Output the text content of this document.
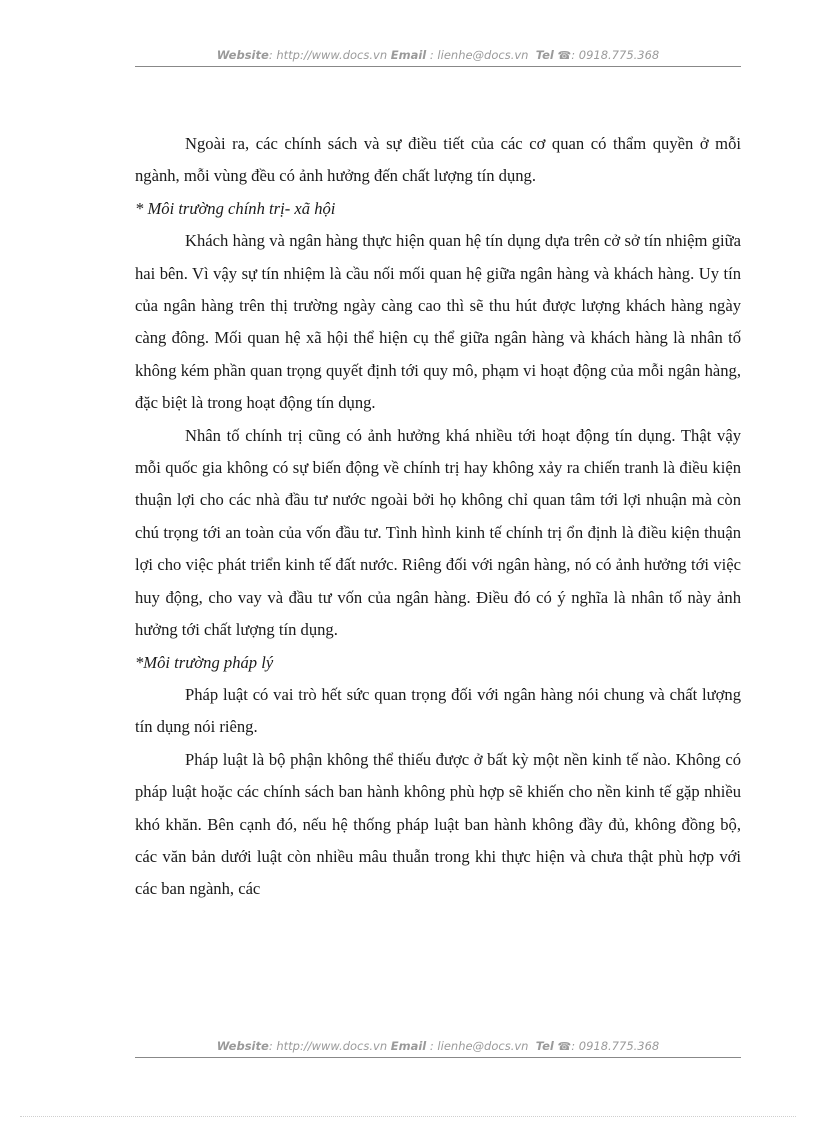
Website: http://www.docs.vn Email : lienhe@docs.vn Tel ☎: 0918.775.368

Ngoài ra, các chính sách và sự điều tiết của các cơ quan có thẩm quyền ở mỗi ngành, mỗi vùng đều có ảnh hưởng đến chất lượng tín dụng.

* Môi trường chính trị- xã hội

Khách hàng và ngân hàng thực hiện quan hệ tín dụng dựa trên cở sở tín nhiệm giữa hai bên. Vì vậy sự tín nhiệm là cầu nối mối quan hệ giữa ngân hàng và khách hàng. Uy tín của ngân hàng trên thị trường ngày càng cao thì sẽ thu hút được lượng khách hàng ngày càng đông. Mối quan hệ xã hội thể hiện cụ thể giữa ngân hàng và khách hàng là nhân tố không kém phần quan trọng quyết định tới quy mô, phạm vi hoạt động của mỗi ngân hàng, đặc biệt là trong hoạt động tín dụng.

Nhân tố chính trị cũng có ảnh hưởng khá nhiều tới hoạt động tín dụng. Thật vậy mỗi quốc gia không có sự biến động về chính trị hay không xảy ra chiến tranh là điều kiện thuận lợi cho các nhà đầu tư nước ngoài bởi họ không chỉ quan tâm tới lợi nhuận mà còn chú trọng tới an toàn của vốn đầu tư. Tình hình kinh tế chính trị ổn định là điều kiện thuận lợi cho việc phát triển kinh tế đất nước. Riêng đối với ngân hàng, nó có ảnh hưởng tới việc huy động, cho vay và đầu tư vốn của ngân hàng. Điều đó có ý nghĩa là nhân tố này ảnh hưởng tới chất lượng tín dụng.

*Môi trường pháp lý

Pháp luật có vai trò hết sức quan trọng đối với ngân hàng nói chung và chất lượng tín dụng nói riêng.

Pháp luật là bộ phận không thể thiếu được ở bất kỳ một nền kinh tế nào. Không có pháp luật hoặc các chính sách ban hành không phù hợp sẽ khiến cho nền kinh tế gặp nhiều khó khăn. Bên cạnh đó, nếu hệ thống pháp luật ban hành không đầy đủ, không đồng bộ, các văn bản dưới luật còn nhiều mâu thuẫn trong khi thực hiện và chưa thật phù hợp với các ban ngành, các

Website: http://www.docs.vn Email : lienhe@docs.vn Tel ☎: 0918.775.368
